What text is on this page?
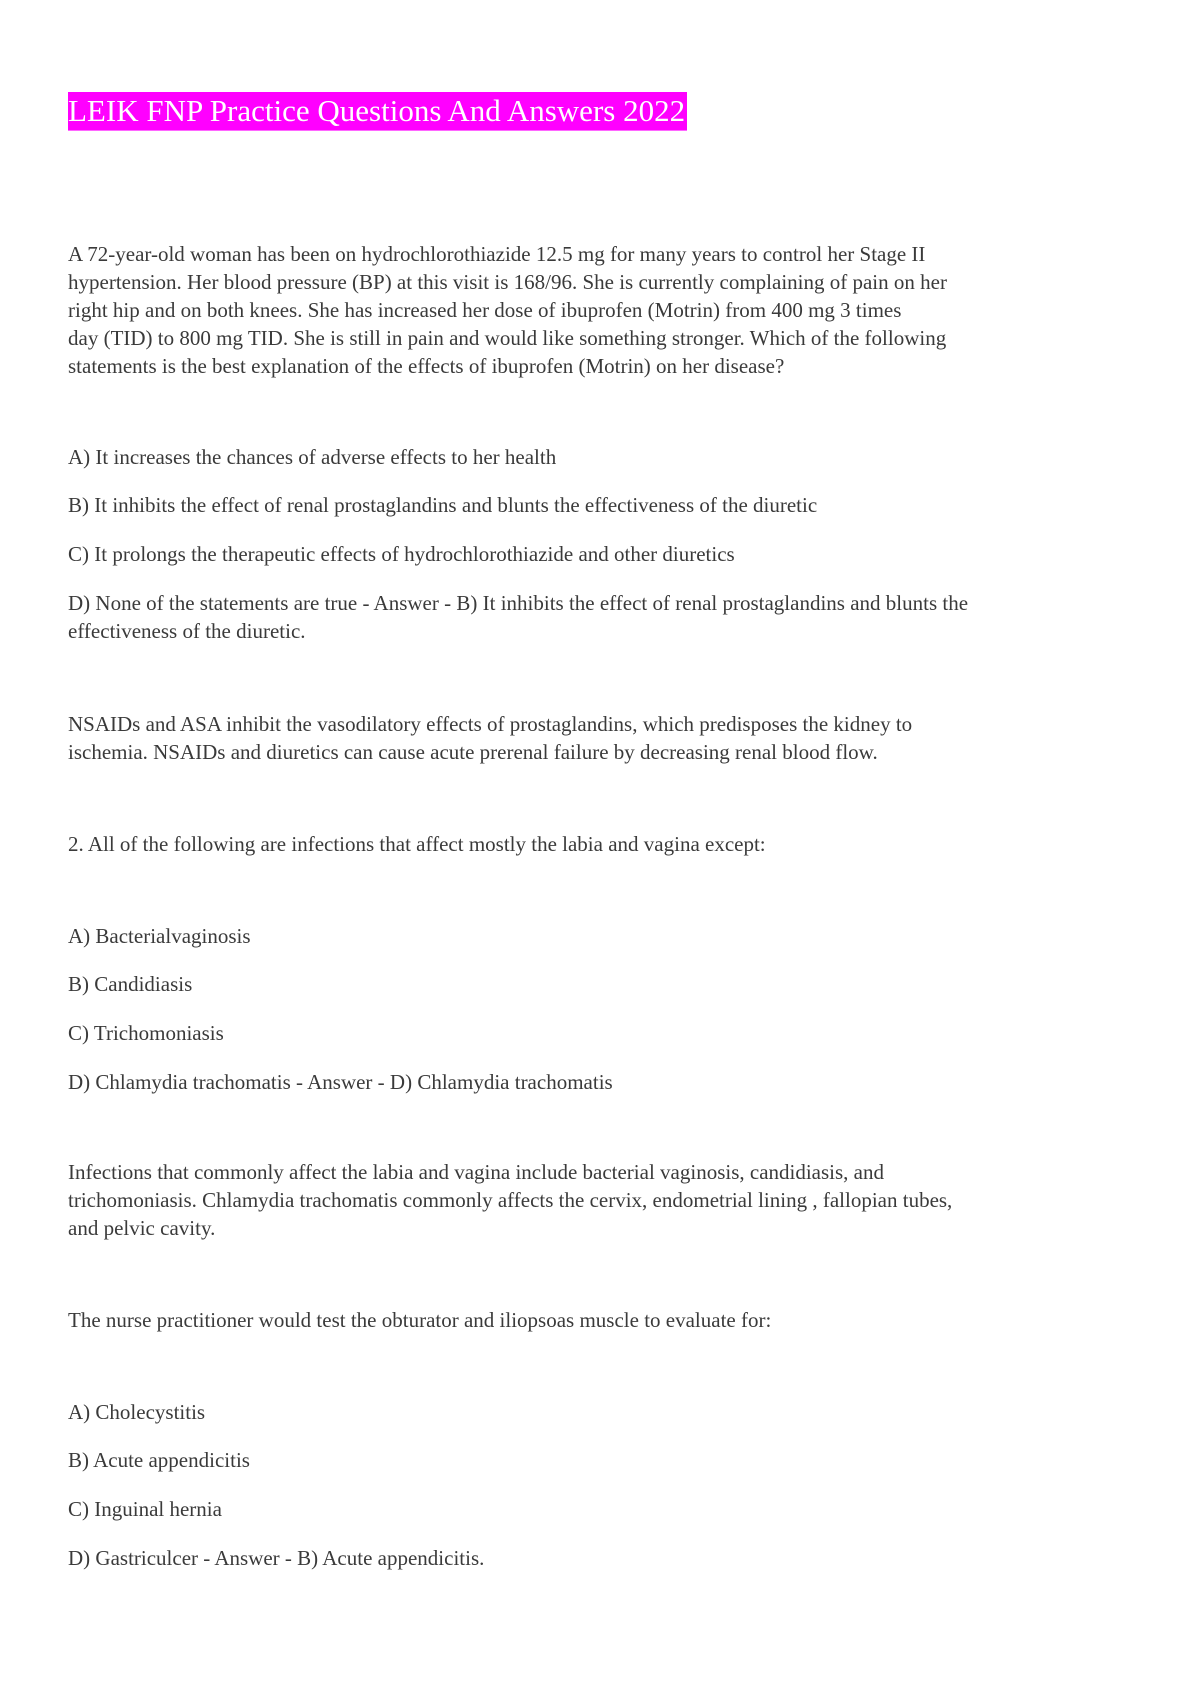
LEIK FNP Practice Questions And Answers 2022

A 72-year-old woman has been on hydrochlorothiazide 12.5 mg for many years to control her Stage II

hypertension. Her blood pressure (BP) at this visit is 168/96. She is currently complaining of pain on her

right hip and on both knees. She has increased her dose of ibuprofen (Motrin) from 400 mg 3 times

day (TID) to 800 mg TID. She is still in pain and would like something stronger. Which of the following

statements is the best explanation of the effects of ibuprofen (Motrin) on her disease?

A) It increases the chances of adverse effects to her health

B) It inhibits the effect of renal prostaglandins and blunts the effectiveness of the diuretic

C) It prolongs the therapeutic effects of hydrochlorothiazide and other diuretics

D) None of the statements are true - Answer - B) It inhibits the effect of renal prostaglandins and blunts the

effectiveness of the diuretic.

NSAIDs and ASA inhibit the vasodilatory effects of prostaglandins, which predisposes the kidney to

ischemia. NSAIDs and diuretics can cause acute prerenal failure by decreasing renal blood flow.

2. All of the following are infections that affect mostly the labia and vagina except:

A) Bacterialvaginosis

B) Candidiasis

C) Trichomoniasis

D) Chlamydia trachomatis - Answer - D) Chlamydia trachomatis

Infections that commonly affect the labia and vagina include bacterial vaginosis, candidiasis, and

trichomoniasis. Chlamydia trachomatis commonly affects the cervix, endometrial lining , fallopian tubes,

and pelvic cavity.

The nurse practitioner would test the obturator and iliopsoas muscle to evaluate for:

A) Cholecystitis

B) Acute appendicitis

C) Inguinal hernia

D) Gastriculcer - Answer - B) Acute appendicitis.
